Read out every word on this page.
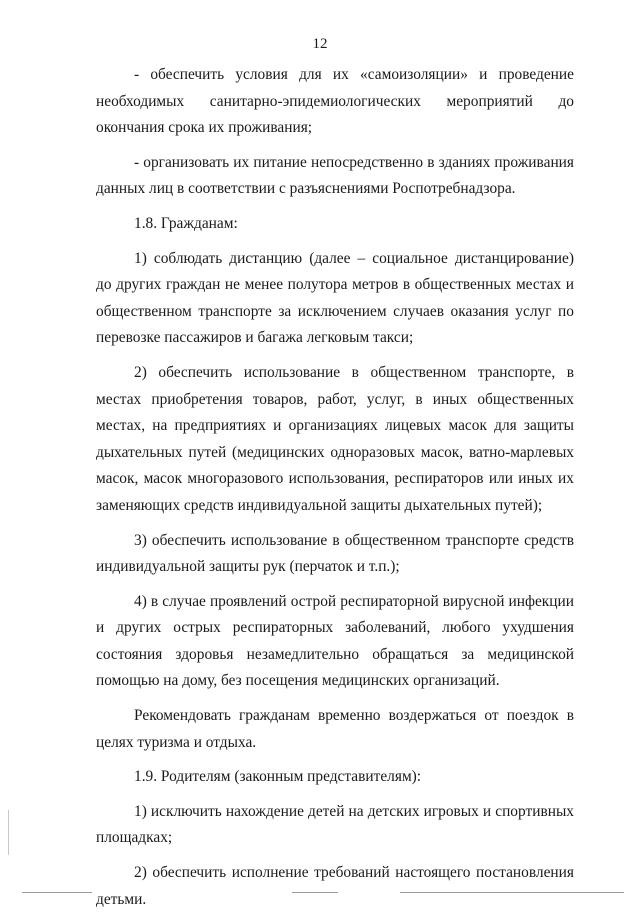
12

- обеспечить условия для их «самоизоляции» и проведение необходимых санитарно-эпидемиологических мероприятий до окончания срока их проживания;

- организовать их питание непосредственно в зданиях проживания данных лиц в соответствии с разъяснениями Роспотребнадзора.

1.8. Гражданам:

1) соблюдать дистанцию (далее – социальное дистанцирование) до других граждан не менее полутора метров в общественных местах и общественном транспорте за исключением случаев оказания услуг по перевозке пассажиров и багажа легковым такси;

2) обеспечить использование в общественном транспорте, в местах приобретения товаров, работ, услуг, в иных общественных местах, на предприятиях и организациях лицевых масок для защиты дыхательных путей (медицинских одноразовых масок, ватно-марлевых масок, масок многоразового использования, респираторов или иных их заменяющих средств индивидуальной защиты дыхательных путей);

3) обеспечить использование в общественном транспорте средств индивидуальной защиты рук (перчаток и т.п.);

4) в случае проявлений острой респираторной вирусной инфекции и других острых респираторных заболеваний, любого ухудшения состояния здоровья незамедлительно обращаться за медицинской помощью на дому, без посещения медицинских организаций.

Рекомендовать гражданам временно воздержаться от поездок в целях туризма и отдыха.

1.9. Родителям (законным представителям):

1) исключить нахождение детей на детских игровых и спортивных площадках;

2) обеспечить исполнение требований настоящего постановления детьми.
